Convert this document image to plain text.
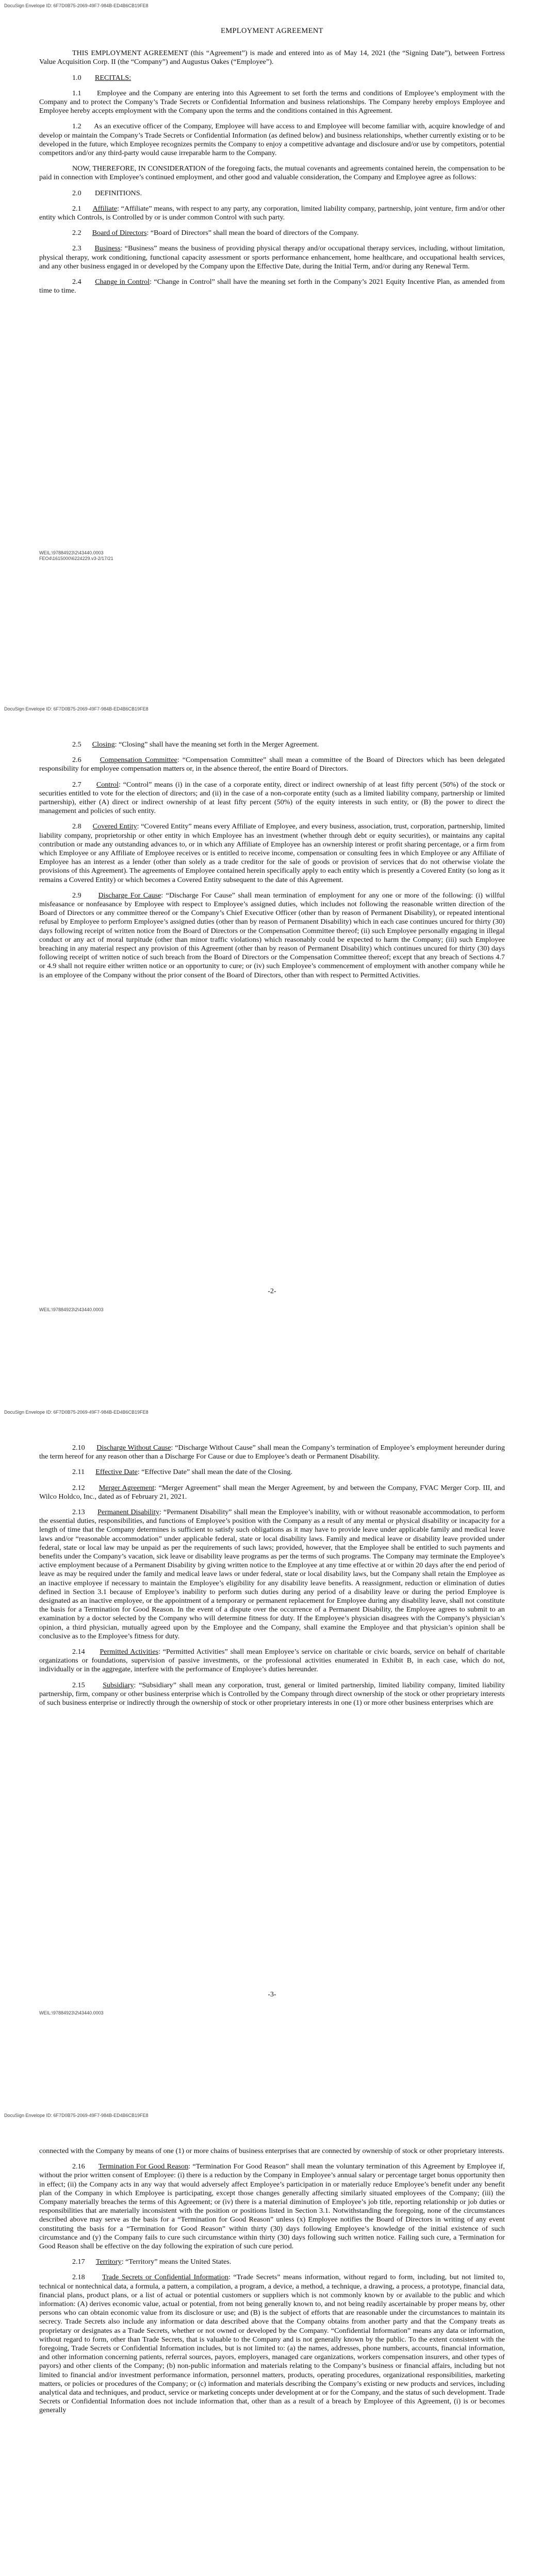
DocuSign Envelope ID: 6F7D0B75-2069-49F7-984B-ED4B6CB19FE8

EMPLOYMENT AGREEMENT

THIS EMPLOYMENT AGREEMENT (this “Agreement”) is made and entered into as of May 14, 2021 (the “Signing Date”), between Fortress Value Acquisition Corp. II (the “Company”) and Augustus Oakes (“Employee”).

1.0 RECITALS:

1.1 Employee and the Company are entering into this Agreement to set forth the terms and conditions of Employee’s employment with the Company and to protect the Company’s Trade Secrets or Confidential Information and business relationships. The Company hereby employs Employee and Employee hereby accepts employment with the Company upon the terms and the conditions contained in this Agreement.

1.2 As an executive officer of the Company, Employee will have access to and Employee will become familiar with, acquire knowledge of and develop or maintain the Company’s Trade Secrets or Confidential Information (as defined below) and business relationships, whether currently existing or to be developed in the future, which Employee recognizes permits the Company to enjoy a competitive advantage and disclosure and/or use by competitors, potential competitors and/or any third-party would cause irreparable harm to the Company.

NOW, THEREFORE, IN CONSIDERATION of the foregoing facts, the mutual covenants and agreements contained herein, the compensation to be paid in connection with Employee’s continued employment, and other good and valuable consideration, the Company and Employee agree as follows:

2.0 DEFINITIONS.

2.1 Affiliate: “Affiliate” means, with respect to any party, any corporation, limited liability company, partnership, joint venture, firm and/or other entity which Controls, is Controlled by or is under common Control with such party.

2.2 Board of Directors: “Board of Directors” shall mean the board of directors of the Company.

2.3 Business: “Business” means the business of providing physical therapy and/or occupational therapy services, including, without limitation, physical therapy, work conditioning, functional capacity assessment or sports performance enhancement, home healthcare, and occupational health services, and any other business engaged in or developed by the Company upon the Effective Date, during the Initial Term, and/or during any Renewal Term.

2.4 Change in Control: “Change in Control” shall have the meaning set forth in the Company’s 2021 Equity Incentive Plan, as amended from time to time.

WEIL:\97884923\2\43440.0003
FEO4\1615000\6224229.v3-2/17/21
DocuSign Envelope ID: 6F7D0B75-2069-49F7-984B-ED4B6CB19FE8

2.5 Closing: “Closing” shall have the meaning set forth in the Merger Agreement.

2.6	Compensation Committee: “Compensation Committee” shall mean a committee of the Board of Directors which has been delegated responsibility for employee compensation matters or, in the absence thereof, the entire Board of Directors.

2.7 Control: “Control” means (i) in the case of a corporate entity, direct or indirect ownership of at least fifty percent (50%) of the stock or securities entitled to vote for the election of directors; and (ii) in the case of a non-corporate entity (such as a limited liability company, partnership or limited partnership), either (A) direct or indirect ownership of at least fifty percent (50%) of the equity interests in such entity, or (B) the power to direct the management and policies of such entity.

2.8 Covered Entity: “Covered Entity” means every Affiliate of Employee, and every business, association, trust, corporation, partnership, limited liability company, proprietorship or other entity in which Employee has an investment (whether through debt or equity securities), or maintains any capital contribution or made any outstanding advances to, or in which any Affiliate of Employee has an ownership interest or profit sharing percentage, or a firm from which Employee or any Affiliate of Employee receives or is entitled to receive income, compensation or consulting fees in which Employee or any Affiliate of Employee has an interest as a lender (other than solely as a trade creditor for the sale of goods or provision of services that do not otherwise violate the provisions of this Agreement). The agreements of Employee contained herein specifically apply to each entity which is presently a Covered Entity (so long as it remains a Covered Entity) or which becomes a Covered Entity subsequent to the date of this Agreement.

2.9 Discharge For Cause: “Discharge For Cause” shall mean termination of employment for any one or more of the following: (i) willful misfeasance or nonfeasance by Employee with respect to Employee’s assigned duties, which includes not following the reasonable written direction of the Board of Directors or any committee thereof or the Company’s Chief Executive Officer (other than by reason of Permanent Disability), or repeated intentional refusal by Employee to perform Employee’s assigned duties (other than by reason of Permanent Disability) which in each case continues uncured for thirty (30) days following receipt of written notice from the Board of Directors or the Compensation Committee thereof; (ii) such Employee personally engaging in illegal conduct or any act of moral turpitude (other than minor traffic violations) which reasonably could be expected to harm the Company; (iii) such Employee breaching in any material respect any provision of this Agreement (other than by reason of Permanent Disability) which continues uncured for thirty (30) days following receipt of written notice of such breach from the Board of Directors or the Compensation Committee thereof; except that any breach of Sections 4.7 or 4.9 shall not require either written notice or an opportunity to cure; or (iv) such Employee’s commencement of employment with another company while he is an employee of the Company without the prior consent of the Board of Directors, other than with respect to Permitted Activities.

-2-
WEIL:\97884923\2\43440.0003
DocuSign Envelope ID: 6F7D0B75-2069-49F7-984B-ED4B6CB19FE8

2.10 Discharge Without Cause: “Discharge Without Cause” shall mean the Company’s termination of Employee’s employment hereunder during the term hereof for any reason other than a Discharge For Cause or due to Employee’s death or Permanent Disability.

2.11 Effective Date: “Effective Date” shall mean the date of the Closing.

2.12 Merger Agreement: “Merger Agreement” shall mean the Merger Agreement, by and between the Company, FVAC Merger Corp. III, and Wilco Holdco, Inc., dated as of February 21, 2021.

2.13 Permanent Disability: “Permanent Disability” shall mean the Employee’s inability, with or without reasonable accommodation, to perform the essential duties, responsibilities, and functions of Employee’s position with the Company as a result of any mental or physical disability or incapacity for a length of time that the Company determines is sufficient to satisfy such obligations as it may have to provide leave under applicable family and medical leave laws and/or “reasonable accommodation” under applicable federal, state or local disability laws. Family and medical leave or disability leave provided under federal, state or local law may be unpaid as per the requirements of such laws; provided, however, that the Employee shall be entitled to such payments and benefits under the Company’s vacation, sick leave or disability leave programs as per the terms of such programs. The Company may terminate the Employee’s active employment because of a Permanent Disability by giving written notice to the Employee at any time effective at or within 20 days after the end period of leave as may be required under the family and medical leave laws or under federal, state or local disability laws, but the Company shall retain the Employee as an inactive employee if necessary to maintain the Employee’s eligibility for any disability leave benefits. A reassignment, reduction or elimination of duties defined in Section 3.1 because of Employee’s inability to perform such duties during any period of a disability leave or during the period Employee is designated as an inactive employee, or the appointment of a temporary or permanent replacement for Employee during any disability leave, shall not constitute the basis for a Termination for Good Reason. In the event of a dispute over the occurrence of a Permanent Disability, the Employee agrees to submit to an examination by a doctor selected by the Company who will determine fitness for duty. If the Employee’s physician disagrees with the Company’s physician’s opinion, a third physician, mutually agreed upon by the Employee and the Company, shall examine the Employee and that physician’s opinion shall be conclusive as to the Employee’s fitness for duty.

2.14 Permitted Activities: “Permitted Activities” shall mean Employee’s service on charitable or civic boards, service on behalf of charitable organizations or foundations, supervision of passive investments, or the professional activities enumerated in Exhibit B, in each case, which do not, individually or in the aggregate, interfere with the performance of Employee’s duties hereunder.

2.15 Subsidiary: “Subsidiary” shall mean any corporation, trust, general or limited partnership, limited liability company, limited liability partnership, firm, company or other business enterprise which is Controlled by the Company through direct ownership of the stock or other proprietary interests of such business enterprise or indirectly through the ownership of stock or other proprietary interests in one (1) or more other business enterprises which are

-3-
WEIL:\97884923\2\43440.0003
DocuSign Envelope ID: 6F7D0B75-2069-49F7-984B-ED4B6CB19FE8

connected with the Company by means of one (1) or more chains of business enterprises that are connected by ownership of stock or other proprietary interests.

2.16 Termination For Good Reason: “Termination For Good Reason” shall mean the voluntary termination of this Agreement by Employee if, without the prior written consent of Employee: (i) there is a reduction by the Company in Employee’s annual salary or percentage target bonus opportunity then in effect; (ii) the Company acts in any way that would adversely affect Employee’s participation in or materially reduce Employee’s benefit under any benefit plan of the Company in which Employee is participating, except those changes generally affecting similarly situated employees of the Company; (iii) the Company materially breaches the terms of this Agreement; or (iv) there is a material diminution of Employee’s job title, reporting relationship or job duties or responsibilities that are materially inconsistent with the position or positions listed in Section 3.1. Notwithstanding the foregoing, none of the circumstances described above may serve as the basis for a “Termination for Good Reason” unless (x) Employee notifies the Board of Directors in writing of any event constituting the basis for a “Termination for Good Reason” within thirty (30) days following Employee’s knowledge of the initial existence of such circumstance and (y) the Company fails to cure such circumstance within thirty (30) days following such written notice. Failing such cure, a Termination for Good Reason shall be effective on the day following the expiration of such cure period.

2.17 Territory: “Territory” means the United States.

2.18 Trade Secrets or Confidential Information: “Trade Secrets” means information, without regard to form, including, but not limited to, technical or nontechnical data, a formula, a pattern, a compilation, a program, a device, a method, a technique, a drawing, a process, a prototype, financial data, financial plans, product plans, or a list of actual or potential customers or suppliers which is not commonly known by or available to the public and which information: (A) derives economic value, actual or potential, from not being generally known to, and not being readily ascertainable by proper means by, other persons who can obtain economic value from its disclosure or use; and (B) is the subject of efforts that are reasonable under the circumstances to maintain its secrecy. Trade Secrets also include any information or data described above that the Company obtains from another party and that the Company treats as proprietary or designates as a Trade Secrets, whether or not owned or developed by the Company. “Confidential Information” means any data or information, without regard to form, other than Trade Secrets, that is valuable to the Company and is not generally known by the public. To the extent consistent with the foregoing, Trade Secrets or Confidential Information includes, but is not limited to: (a) the names, addresses, phone numbers, accounts, financial information, and other information concerning patients, referral sources, payors, employers, managed care organizations, workers compensation insurers, and other types of payors) and other clients of the Company; (b) non-public information and materials relating to the Company’s business or financial affairs, including but not limited to financial and/or investment performance information, personnel matters, products, operating procedures, organizational responsibilities, marketing matters, or policies or procedures of the Company; or (c) information and materials describing the Company’s existing or new products and services, including analytical data and techniques, and product, service or marketing concepts under development at or for the Company, and the status of such development. Trade Secrets or Confidential Information does not include information that, other than as a result of a breach by Employee of this Agreement, (i) is or becomes generally
